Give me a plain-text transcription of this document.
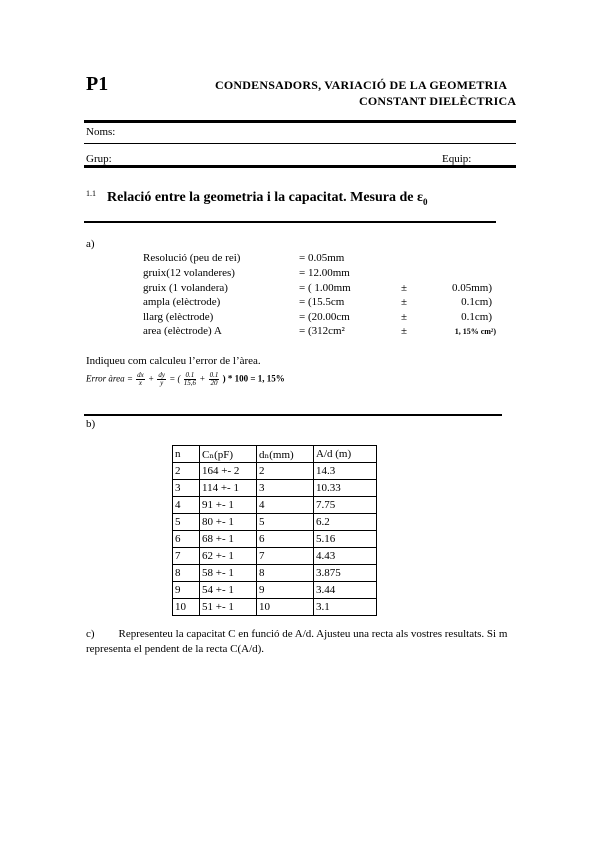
P1	CONDENSADORS, VARIACIÓ DE LA GEOMETRIA
CONSTANT DIELÈCTRICA
Noms:
Grup:	Equip:
1.1 Relació entre la geometria i la capacitat. Mesura de $\varepsilon_0$
a)
Resolució (peu de rei)	= 0.05mm
gruix(12 volanderes)	= 12.00mm
gruix (1 volandera)	= ( 1.00mm	±	0.05mm)
ampla (elèctrode)	= (15.5cm	±	0.1cm)
llarg (elèctrode)	= (20.00cm	±	0.1cm)
area (elèctrode) A	= (312cm²	±	1, 15% cm²)
Indiqueu com calculeu l’error de l’àrea.
Error àrea = $\frac{dx}{x} + \frac{dy}{y}$ = ( $\frac{0.1}{15,6} + \frac{0.1}{20}$ ) * 100 = 1, 15%
b)
n	Cₙ(pF)	dₙ(mm)	A/d (m)
2	164 +- 2	2	14.3
3	114 +- 1	3	10.33
4	91 +- 1	4	7.75
5	80 +- 1	5	6.2
6	68 +- 1	6	5.16
7	62 +- 1	7	4.43
8	58 +- 1	8	3.875
9	54 +- 1	9	3.44
10	51 +- 1	10	3.1
c) Representeu la capacitat C en funció de A/d. Ajusteu una recta als vostres resultats. Si m representa el pendent de la recta C(A/d).
